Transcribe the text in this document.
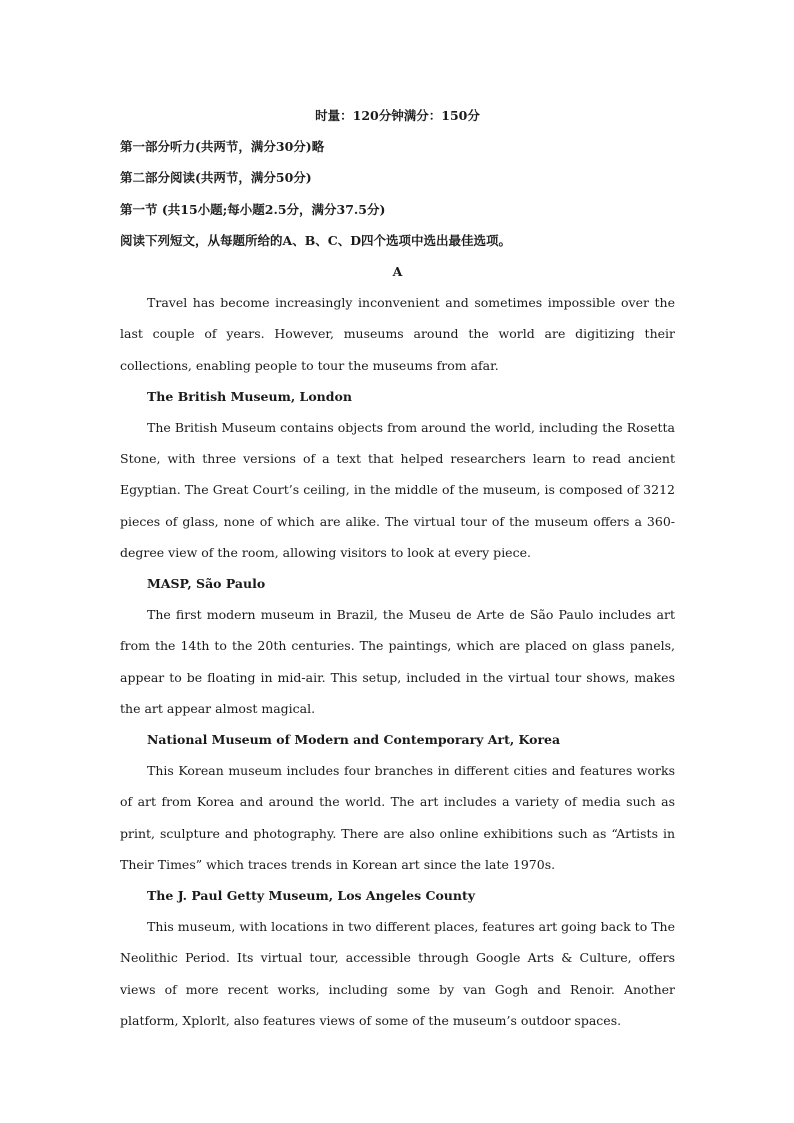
时量：120分钟满分：150分
第一部分听力(共两节，满分30分)略
第二部分阅读(共两节，满分50分)
第一节 (共15小题;每小题2.5分，满分37.5分)
阅读下列短文，从每题所给的A、B、C、D四个选项中选出最佳选项。
A

Travel has become increasingly inconvenient and sometimes impossible over the last couple of years. However, museums around the world are digitizing their collections, enabling people to tour the museums from afar.

The British Museum, London

The British Museum contains objects from around the world, including the Rosetta Stone, with three versions of a text that helped researchers learn to read ancient Egyptian. The Great Court’s ceiling, in the middle of the museum, is composed of 3212 pieces of glass, none of which are alike. The virtual tour of the museum offers a 360-degree view of the room, allowing visitors to look at every piece.

MASP, São Paulo

The first modern museum in Brazil, the Museu de Arte de São Paulo includes art from the 14th to the 20th centuries. The paintings, which are placed on glass panels, appear to be floating in mid-air. This setup, included in the virtual tour shows, makes the art appear almost magical.

National Museum of Modern and Contemporary Art, Korea

This Korean museum includes four branches in different cities and features works of art from Korea and around the world. The art includes a variety of media such as print, sculpture and photography. There are also online exhibitions such as “Artists in Their Times” which traces trends in Korean art since the late 1970s.

The J. Paul Getty Museum, Los Angeles County

This museum, with locations in two different places, features art going back to The Neolithic Period. Its virtual tour, accessible through Google Arts & Culture, offers views of more recent works, including some by van Gogh and Renoir. Another platform, Xplorlt, also features views of some of the museum’s outdoor spaces.
